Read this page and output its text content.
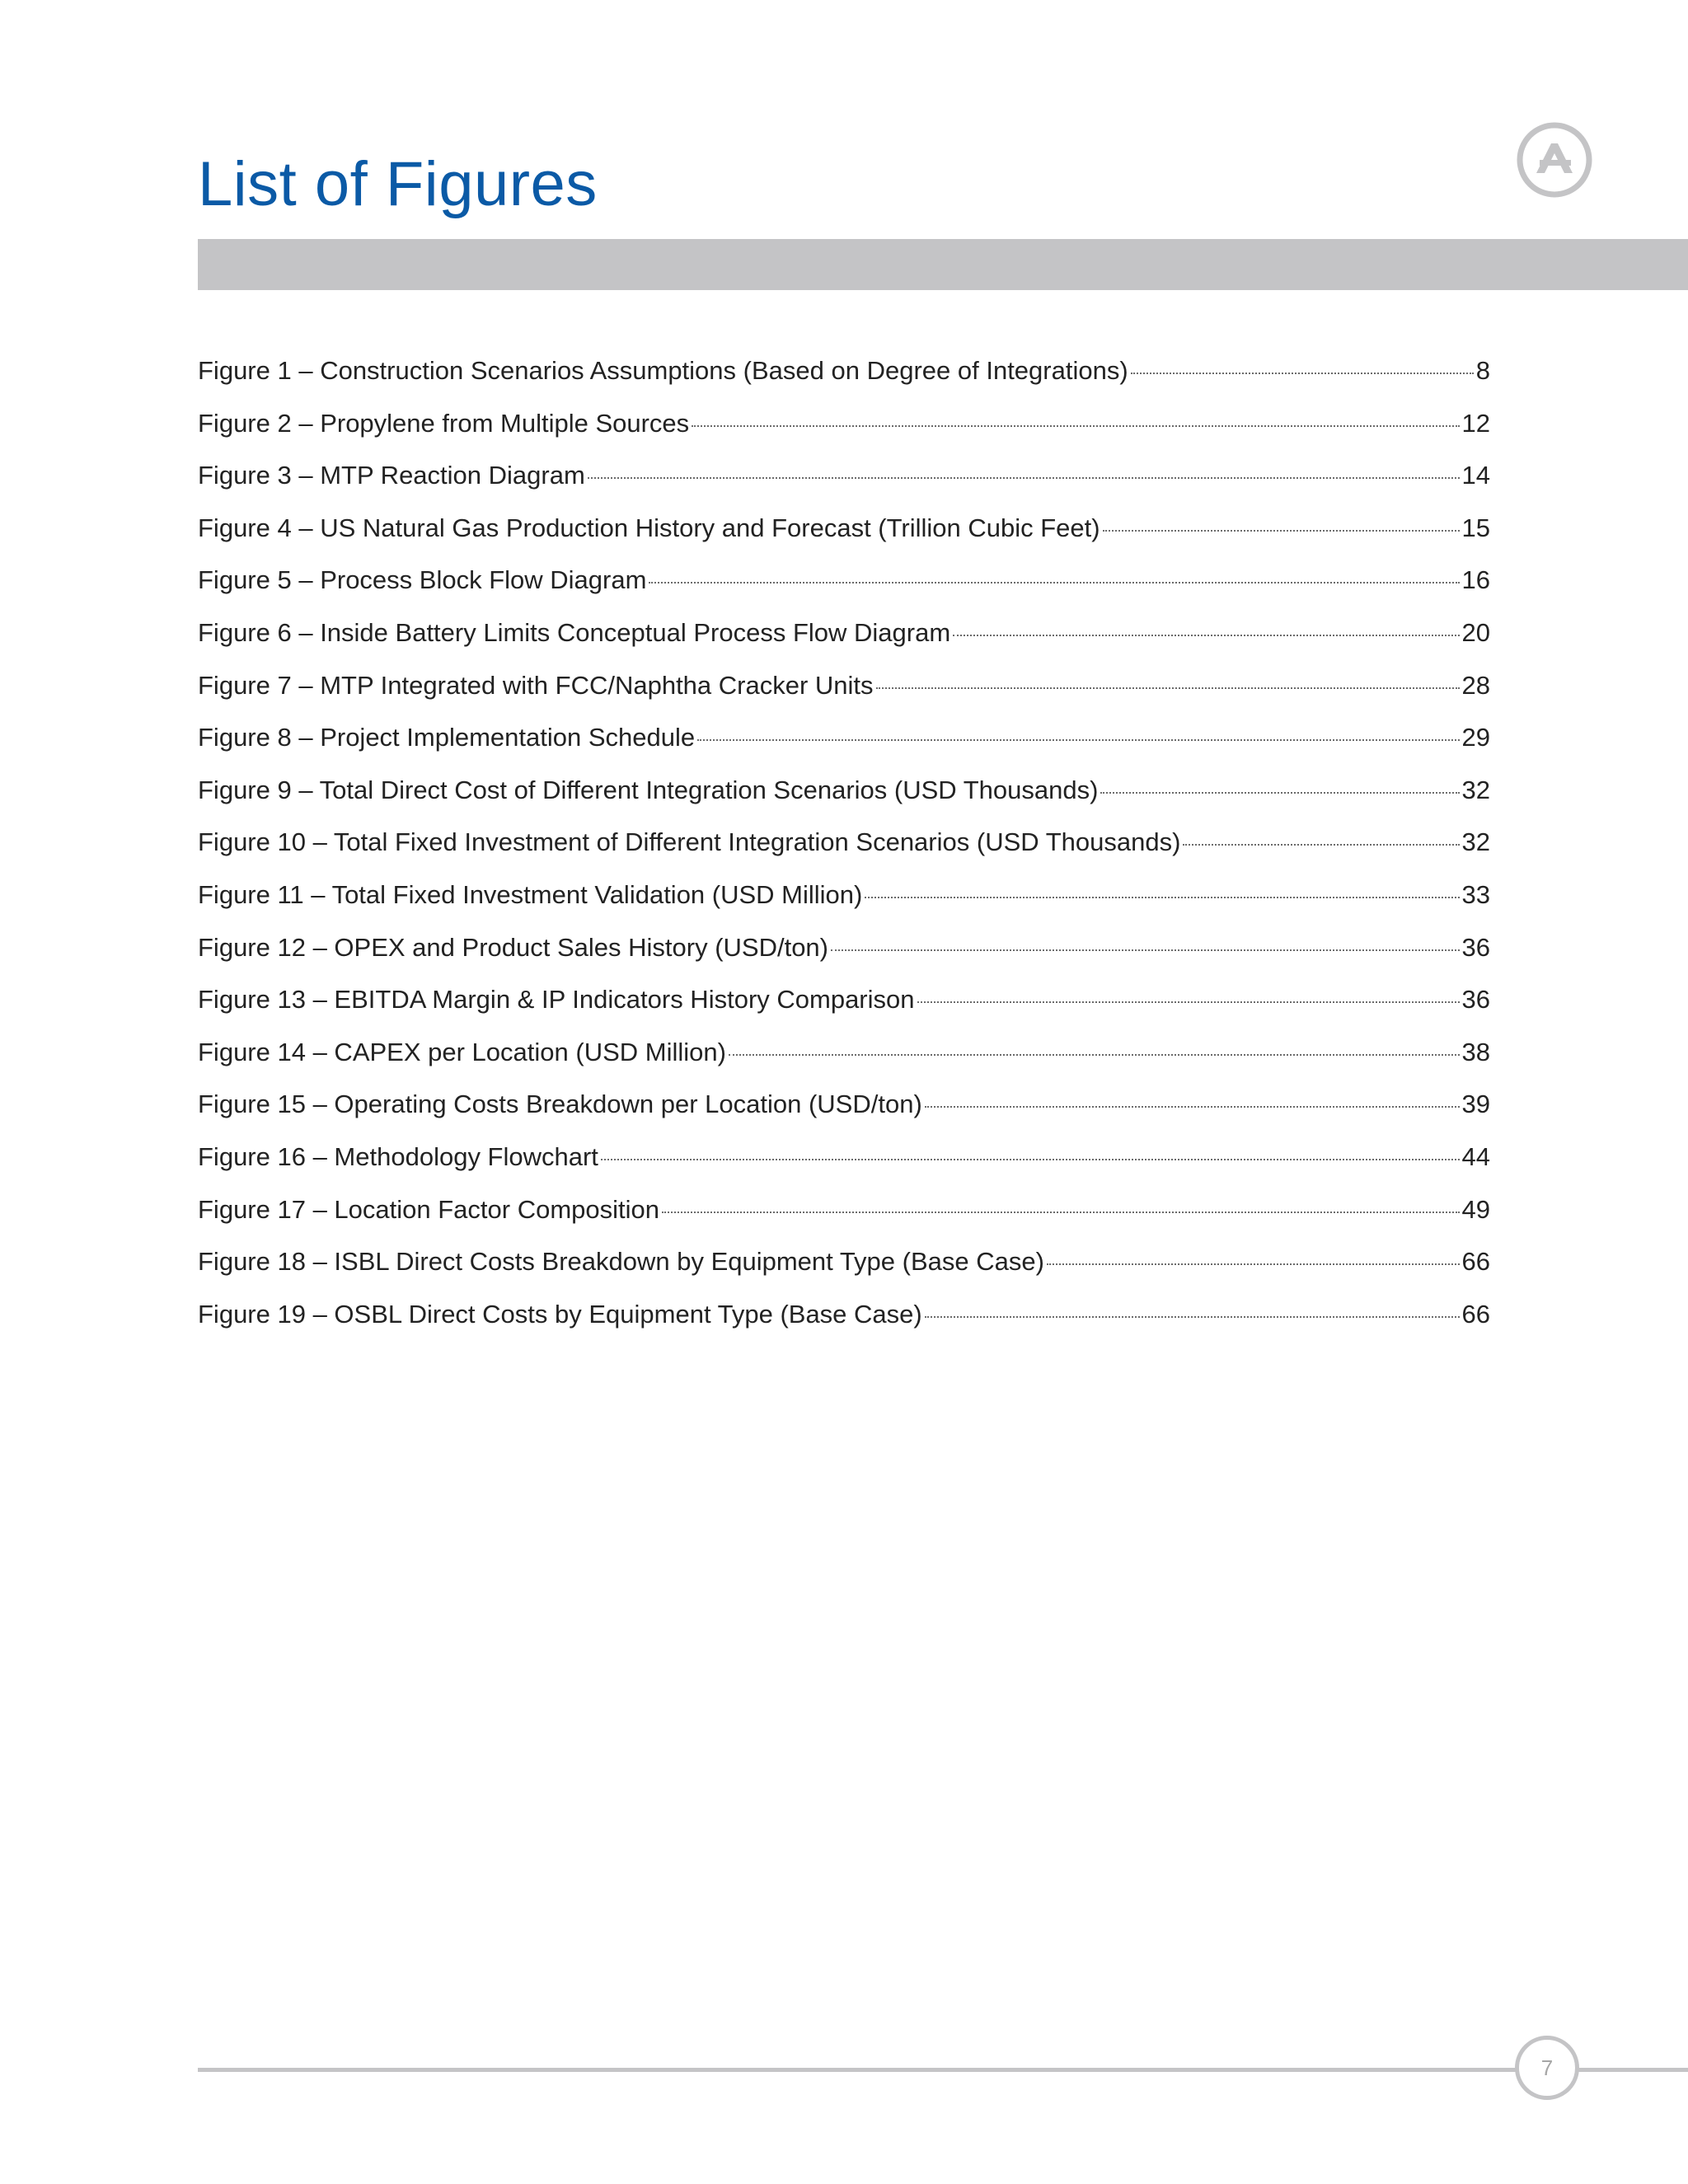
List of Figures
Figure 1 – Construction Scenarios Assumptions (Based on Degree of Integrations)	8
Figure 2 – Propylene from Multiple Sources	12
Figure 3 – MTP Reaction Diagram	14
Figure 4 – US Natural Gas Production History and Forecast (Trillion Cubic Feet)	15
Figure 5 – Process Block Flow Diagram	16
Figure 6 – Inside Battery Limits Conceptual Process Flow Diagram	20
Figure 7 – MTP Integrated with FCC/Naphtha Cracker Units	28
Figure 8 – Project Implementation Schedule	29
Figure 9 – Total Direct Cost of Different Integration Scenarios (USD Thousands)	32
Figure 10 – Total Fixed Investment of Different Integration Scenarios (USD Thousands)	32
Figure 11 – Total Fixed Investment Validation (USD Million)	33
Figure 12 – OPEX and Product Sales History (USD/ton)	36
Figure 13 – EBITDA Margin & IP Indicators History Comparison	36
Figure 14 – CAPEX per Location (USD Million)	38
Figure 15 – Operating Costs Breakdown per Location (USD/ton)	39
Figure 16 – Methodology Flowchart	44
Figure 17 – Location Factor Composition	49
Figure 18 – ISBL Direct Costs Breakdown by Equipment Type (Base Case)	66
Figure 19 – OSBL Direct Costs by Equipment Type (Base Case)	66
7
